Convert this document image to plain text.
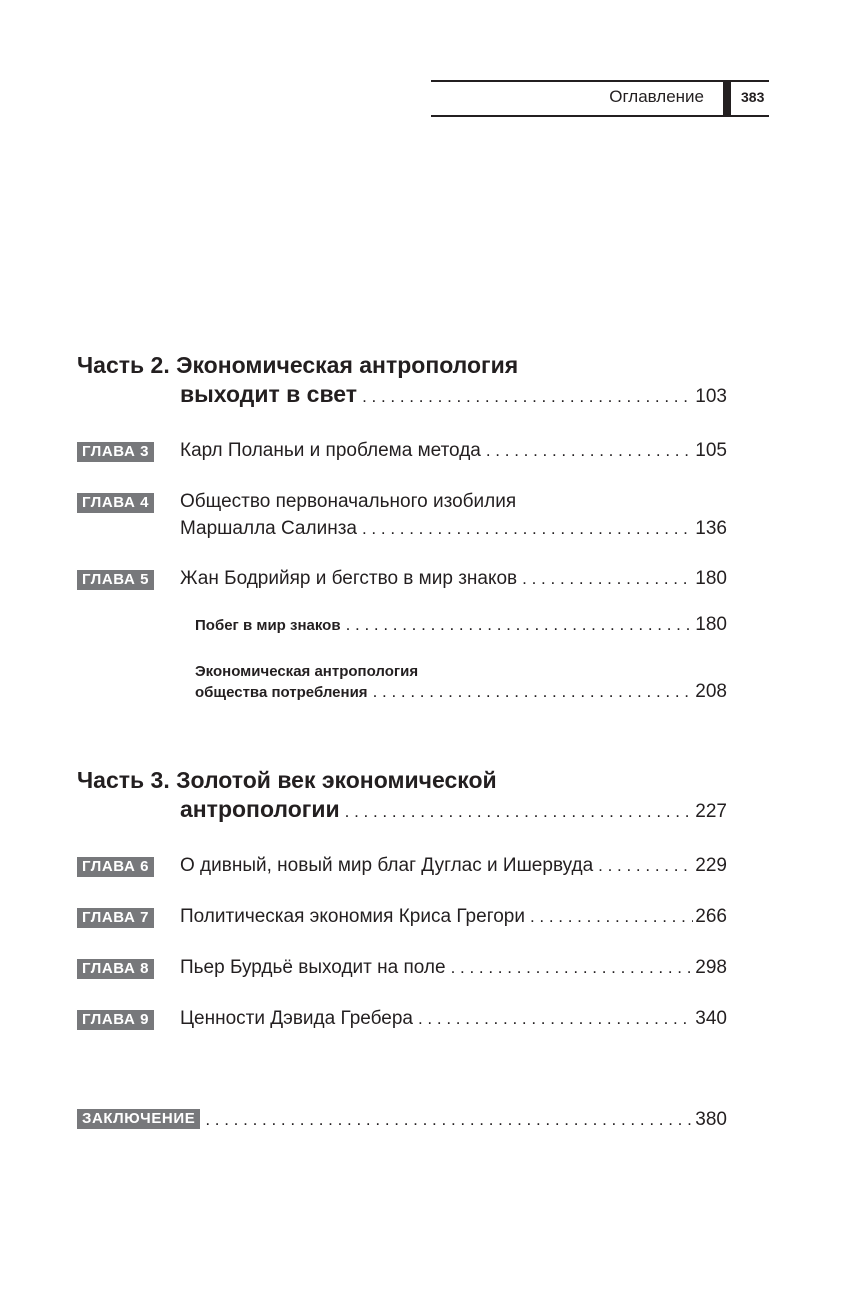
Оглавление	383
Часть 2. Экономическая антропология
выходит в свет . . .	103
ГЛАВА 3 Карл Поланьи и проблема метода . . .	105
ГЛАВА 4 Общество первоначального изобилия
Маршалла Салинза . . .	136
ГЛАВА 5 Жан Бодрийяр и бегство в мир знаков . . .	180
Побег в мир знаков . . .	180
Экономическая антропология
общества потребления . . .	208
Часть 3. Золотой век экономической
антропологии . . .	227
ГЛАВА 6 О дивный, новый мир благ Дуглас и Ишервуда . . .	229
ГЛАВА 7 Политическая экономия Криса Грегори . . .	266
ГЛАВА 8 Пьер Бурдьё выходит на поле . . .	298
ГЛАВА 9 Ценности Дэвида Гребера . . .	340
ЗАКЛЮЧЕНИЕ . . .	380
